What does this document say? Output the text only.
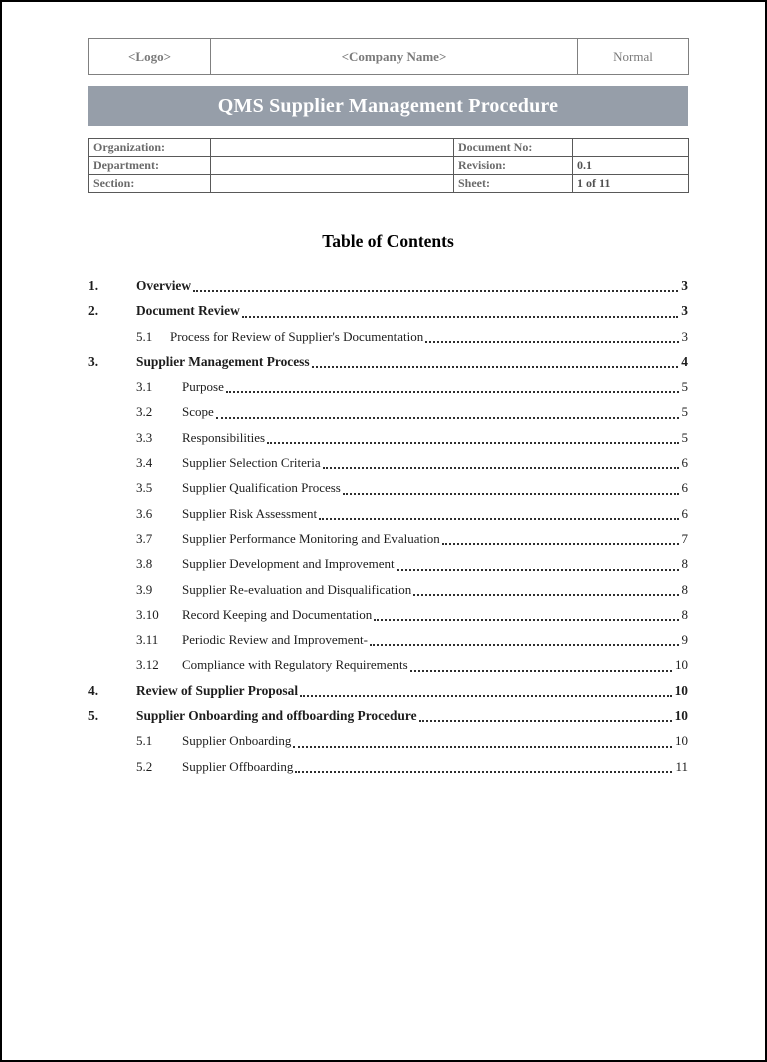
<Logo>	<Company Name>	Normal
QMS Supplier Management Procedure
Organization:		Document No:	
Department:		Revision:	0.1
Section:		Sheet:	1 of 11
Table of Contents
1.	Overview	3
2.	Document Review	3
5.1	Process for Review of Supplier's Documentation	3
3.	Supplier Management Process	4
3.1	Purpose	5
3.2	Scope	5
3.3	Responsibilities	5
3.4	Supplier Selection Criteria	6
3.5	Supplier Qualification Process	6
3.6	Supplier Risk Assessment	6
3.7	Supplier Performance Monitoring and Evaluation	7
3.8	Supplier Development and Improvement	8
3.9	Supplier Re-evaluation and Disqualification	8
3.10	Record Keeping and Documentation	8
3.11	Periodic Review and Improvement-	9
3.12	Compliance with Regulatory Requirements	10
4.	Review of Supplier Proposal	10
5.	Supplier Onboarding and offboarding Procedure	10
5.1	Supplier Onboarding	10
5.2	Supplier Offboarding	11
